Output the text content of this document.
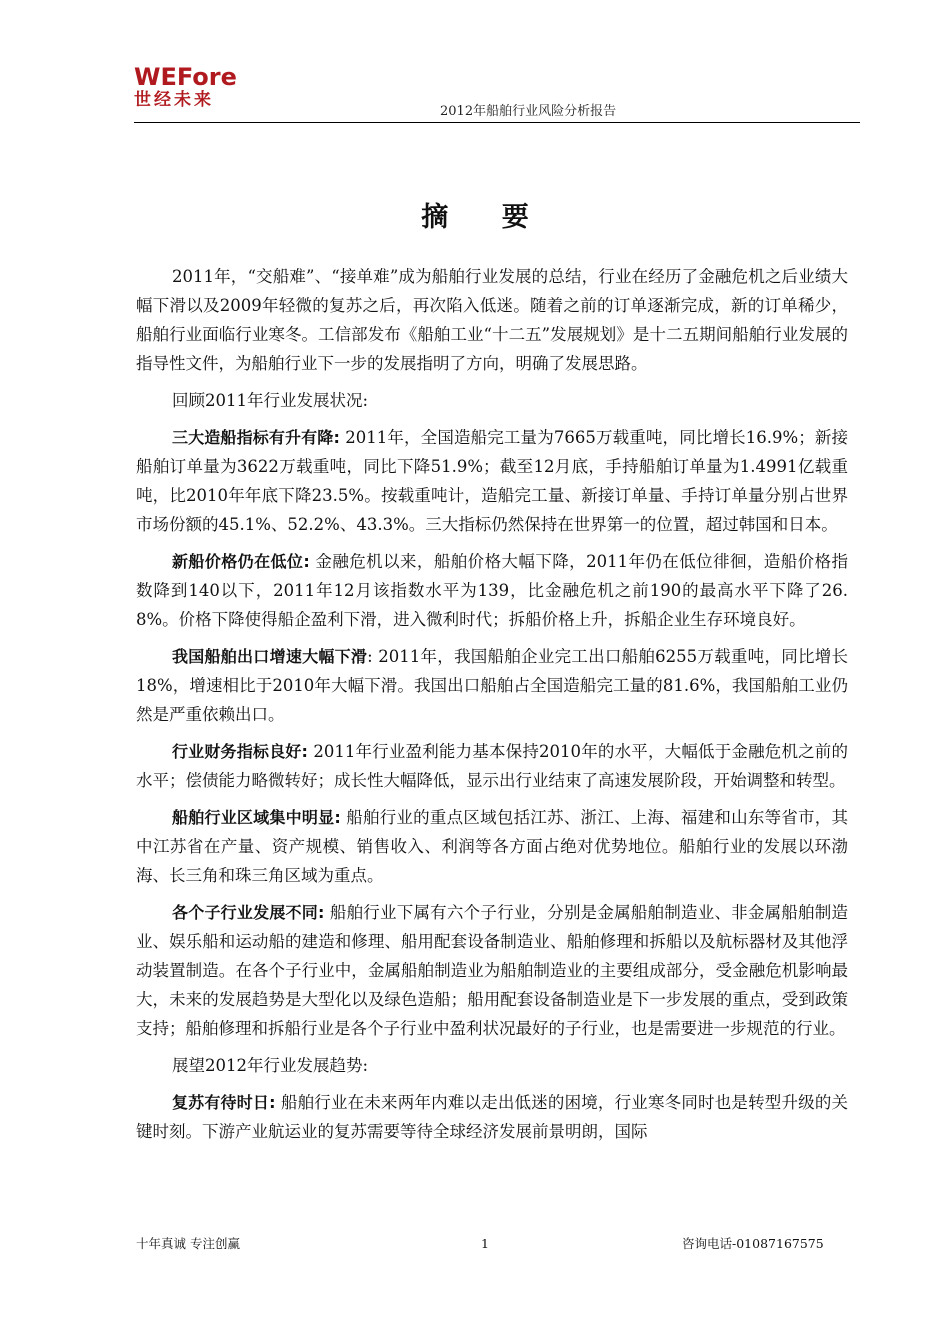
WEFore
世经未来
2012年船舶行业风险分析报告
摘 要

2011年，“交船难”、“接单难”成为船舶行业发展的总结，行业在经历了金融危机之后业绩大幅下滑以及2009年轻微的复苏之后，再次陷入低迷。随着之前的订单逐渐完成，新的订单稀少，船舶行业面临行业寒冬。工信部发布《船舶工业“十二五”发展规划》是十二五期间船舶行业发展的指导性文件，为船舶行业下一步的发展指明了方向，明确了发展思路。

回顾2011年行业发展状况:

三大造船指标有升有降: 2011年，全国造船完工量为7665万载重吨，同比增长16.9%；新接船舶订单量为3622万载重吨，同比下降51.9%；截至12月底，手持船舶订单量为1.4991亿载重吨，比2010年年底下降23.5%。按载重吨计，造船完工量、新接订单量、手持订单量分别占世界市场份额的45.1%、52.2%、43.3%。三大指标仍然保持在世界第一的位置，超过韩国和日本。

新船价格仍在低位: 金融危机以来，船舶价格大幅下降，2011年仍在低位徘徊，造船价格指数降到140以下，2011年12月该指数水平为139，比金融危机之前190的最高水平下降了26.8%。价格下降使得船企盈利下滑，进入微利时代；拆船价格上升，拆船企业生存环境良好。

我国船舶出口增速大幅下滑: 2011年，我国船舶企业完工出口船舶6255万载重吨，同比增长18%，增速相比于2010年大幅下滑。我国出口船舶占全国造船完工量的81.6%，我国船舶工业仍然是严重依赖出口。

行业财务指标良好: 2011年行业盈利能力基本保持2010年的水平，大幅低于金融危机之前的水平；偿债能力略微转好；成长性大幅降低，显示出行业结束了高速发展阶段，开始调整和转型。

船舶行业区域集中明显: 船舶行业的重点区域包括江苏、浙江、上海、福建和山东等省市，其中江苏省在产量、资产规模、销售收入、利润等各方面占绝对优势地位。船舶行业的发展以环渤海、长三角和珠三角区域为重点。

各个子行业发展不同: 船舶行业下属有六个子行业，分别是金属船舶制造业、非金属船舶制造业、娱乐船和运动船的建造和修理、船用配套设备制造业、船舶修理和拆船以及航标器材及其他浮动装置制造。在各个子行业中，金属船舶制造业为船舶制造业的主要组成部分，受金融危机影响最大，未来的发展趋势是大型化以及绿色造船；船用配套设备制造业是下一步发展的重点，受到政策支持；船舶修理和拆船行业是各个子行业中盈利状况最好的子行业，也是需要进一步规范的行业。

展望2012年行业发展趋势:

复苏有待时日: 船舶行业在未来两年内难以走出低迷的困境，行业寒冬同时也是转型升级的关键时刻。下游产业航运业的复苏需要等待全球经济发展前景明朗，国际

十年真诚 专注创赢	1	咨询电话-01087167575
